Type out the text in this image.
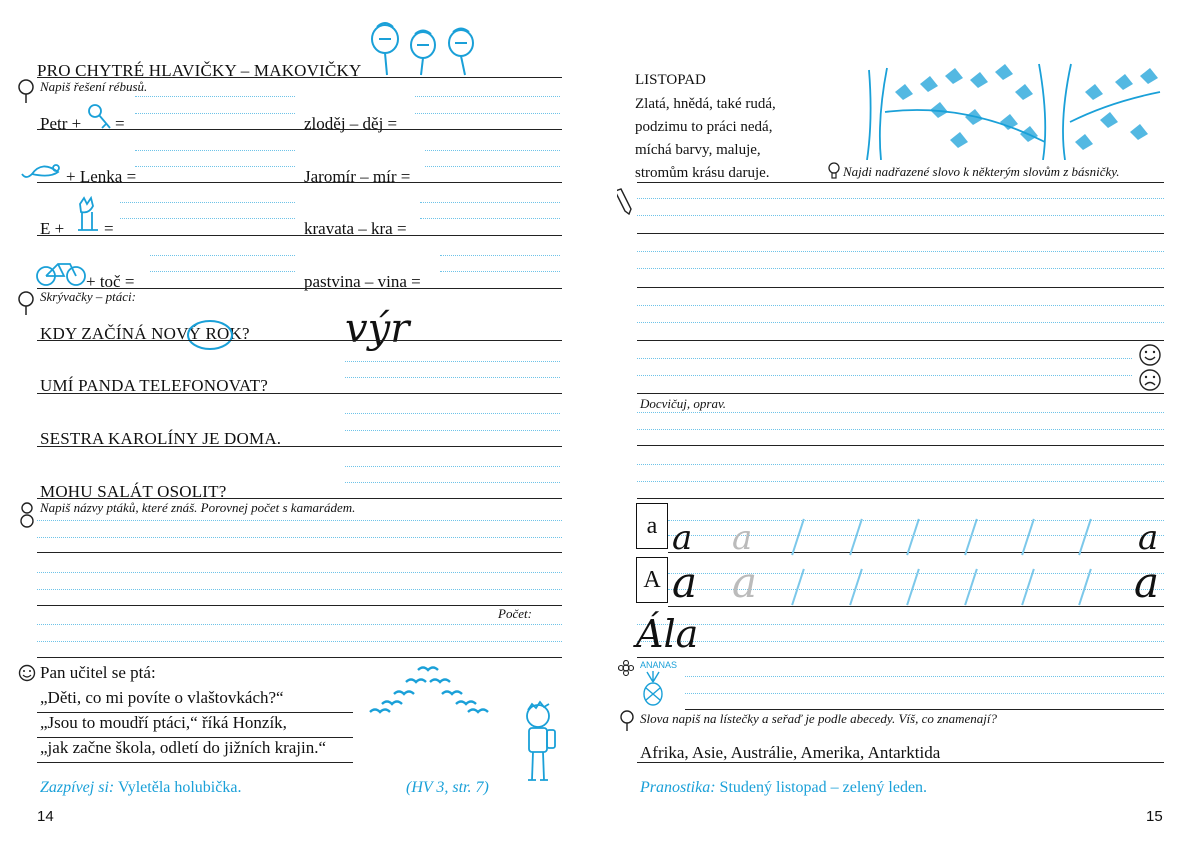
PRO CHYTRÉ HLAVIČKY – MAKOVIČKY
Napiš řešení rébusů.
Petr + =	zloděj – děj =
+ Lenka =	Jaromír – mír =
E + =	kravata – kra =
+ toč =	pastvina – vina =
Skrývačky – ptáci:
KDY ZAČÍNÁ NOVÝ ROK? výr
UMÍ PANDA TELEFONOVAT?
SESTRA KAROLÍNY JE DOMA.
MOHU SALÁT OSOLIT?
Napiš názvy ptáků, které znáš. Porovnej počet s kamarádem.
Počet:
Pan učitel se ptá:
„Děti, co mi povíte o vlaštovkách?“
„Jsou to moudří ptáci,“ říká Honzík,
„jak začne škola, odletí do jižních krajin.“
Zazpívej si: Vyletěla holubička.	(HV 3, str. 7)
14
LISTOPAD
Zlatá, hnědá, také rudá,
podzimu to práci nedá,
míchá barvy, maluje,
stromům krásu daruje.	Najdi nadřazené slovo k některým slovům z básničky.
Docvičuj, oprav.
a a a	a
A a a	a
Ála
ANANAS
Slova napiš na lístečky a seřaď je podle abecedy. Víš, co znamenají?
Afrika, Asie, Austrálie, Amerika, Antarktida
Pranostika: Studený listopad – zelený leden.
15
